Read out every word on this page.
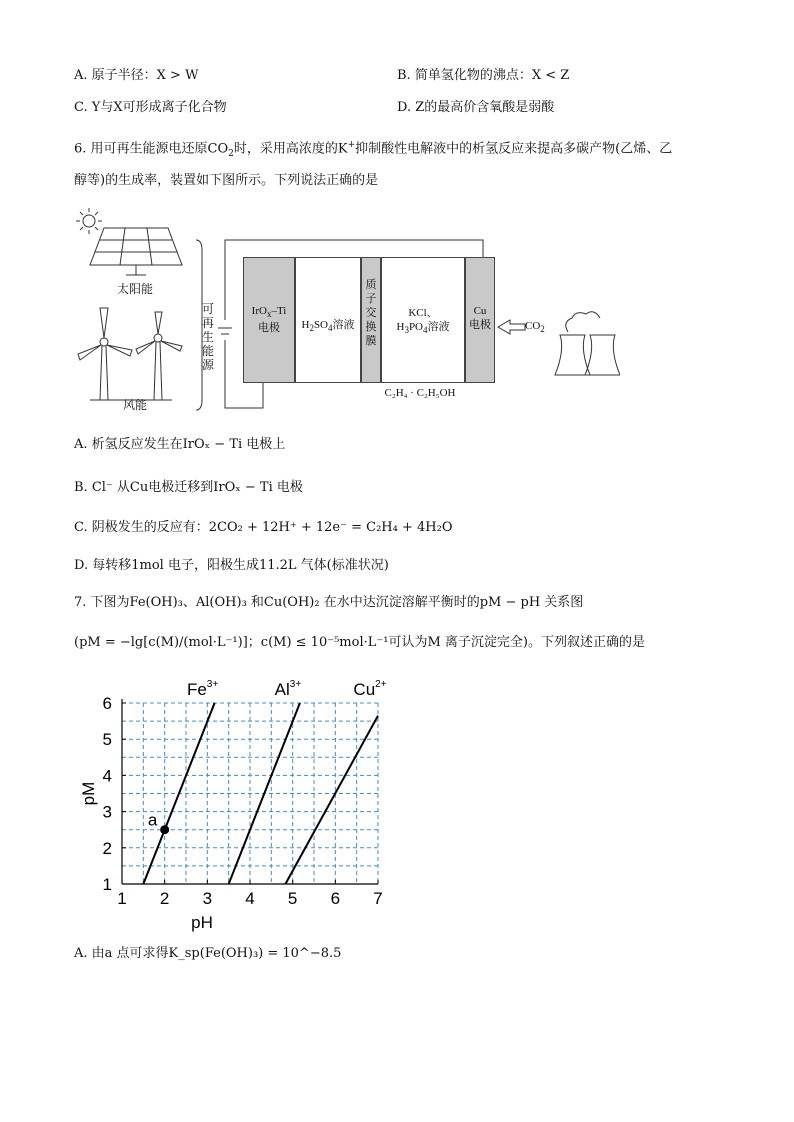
A. 原子半径：X > W	B. 简单氢化物的沸点：X < Z
C. Y与X可形成离子化合物	D. Z的最高价含氧酸是弱酸
6. 用可再生能源电还原$CO_2$时，采用高浓度的K+抑制酸性电解液中的析氢反应来提高多碳产物(乙烯、乙
醇等)的生成率，装置如下图所示。下列说法正确的是
IrO$_x$–Ti
电极	$H_2SO_4$溶液
质子交换膜
KCl、
$H_3PO_4$溶液
Cu
电极	$CO_2$
C₂H₄ · C₂H₅OH
太阳能
风能
可再生能源
A. 析氢反应发生在IrOₓ − Ti 电极上
B. Cl⁻ 从Cu电极迁移到IrOₓ − Ti 电极
C. 阴极发生的反应有：2CO₂ + 12H⁺ + 12e⁻ = C₂H₄ + 4H₂O
D. 每转移1mol 电子，阳极生成11.2L 气体(标准状况)
7. 下图为Fe(OH)₃、Al(OH)₃ 和Cu(OH)₂ 在水中达沉淀溶解平衡时的pM − pH 关系图
(pM = −lg[c(M)/(mol·L⁻¹)]；c(M) ≤ 10⁻⁵mol·L⁻¹可认为M 离子沉淀完全)。下列叙述正确的是
1 2 3 4 5 6 7
1
2
3
4
5
6
pH
pM
$Fe^{3+}$	$Al^{3+}$	$Cu^{2+}$
a
A. 由a 点可求得K_sp(Fe(OH)₃) = 10^−8.5
